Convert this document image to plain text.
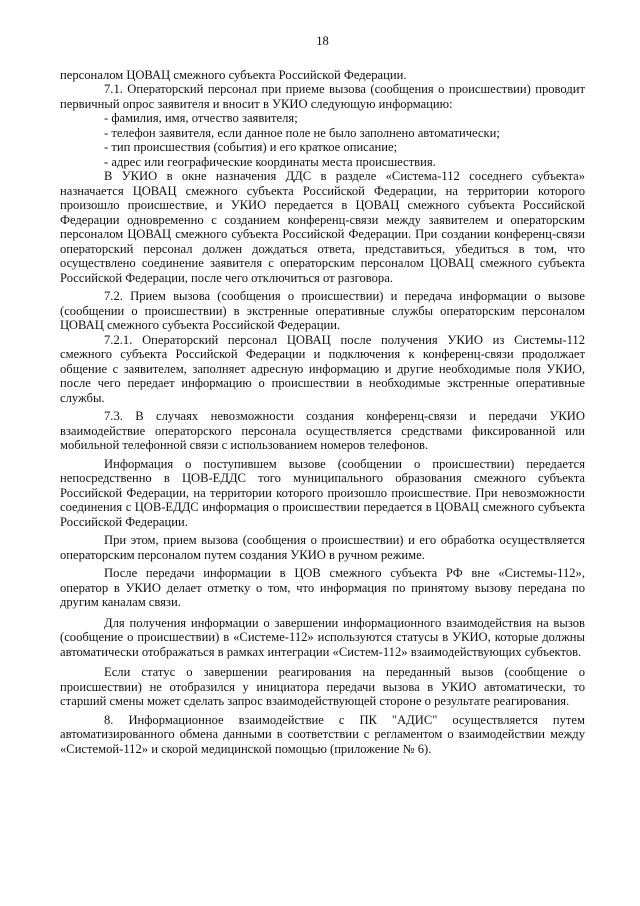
18

персоналом ЦОВАЦ смежного субъекта Российской Федерации.

7.1. Операторский персонал при приеме вызова (сообщения о происшествии) проводит первичный опрос заявителя и вносит в УКИО следующую информацию:

- фамилия, имя, отчество заявителя;
- телефон заявителя, если данное поле не было заполнено автоматически;
- тип происшествия (события) и его краткое описание;
- адрес или географические координаты места происшествия.

В УКИО в окне назначения ДДС в разделе «Система-112 соседнего субъекта» назначается ЦОВАЦ смежного субъекта Российской Федерации, на территории которого произошло происшествие, и УКИО передается в ЦОВАЦ смежного субъекта Российской Федерации одновременно с созданием конференц-связи между заявителем и операторским персоналом ЦОВАЦ смежного субъекта Российской Федерации. При создании конференц-связи операторский персонал должен дождаться ответа, представиться, убедиться в том, что осуществлено соединение заявителя с операторским персоналом ЦОВАЦ смежного субъекта Российской Федерации, после чего отключиться от разговора.

7.2. Прием вызова (сообщения о происшествии) и передача информации о вызове (сообщении о происшествии) в экстренные оперативные службы операторским персоналом ЦОВАЦ смежного субъекта Российской Федерации.

7.2.1. Операторский персонал ЦОВАЦ после получения УКИО из Системы-112 смежного субъекта Российской Федерации и подключения к конференц-связи продолжает общение с заявителем, заполняет адресную информацию и другие необходимые поля УКИО, после чего передает информацию о происшествии в необходимые экстренные оперативные службы.

7.3. В случаях невозможности создания конференц-связи и передачи УКИО взаимодействие операторского персонала осуществляется средствами фиксированной или мобильной телефонной связи с использованием номеров телефонов.

Информация о поступившем вызове (сообщении о происшествии) передается непосредственно в ЦОВ-ЕДДС того муниципального образования смежного субъекта Российской Федерации, на территории которого произошло происшествие. При невозможности соединения с ЦОВ-ЕДДС информация о происшествии передается в ЦОВАЦ смежного субъекта Российской Федерации.

При этом, прием вызова (сообщения о происшествии) и его обработка осуществляется операторским персоналом путем создания УКИО в ручном режиме.

После передачи информации в ЦОВ смежного субъекта РФ вне «Системы-112», оператор в УКИО делает отметку о том, что информация по принятому вызову передана по другим каналам связи.

Для получения информации о завершении информационного взаимодействия на вызов (сообщение о происшествии) в «Системе-112» используются статусы в УКИО, которые должны автоматически отображаться в рамках интеграции «Систем-112» взаимодействующих субъектов.

Если статус о завершении реагирования на переданный вызов (сообщение о происшествии) не отобразился у инициатора передачи вызова в УКИО автоматически, то старший смены может сделать запрос взаимодействующей стороне о результате реагирования.

8. Информационное взаимодействие с ПК "АДИС" осуществляется путем автоматизированного обмена данными в соответствии с регламентом о взаимодействии между «Системой-112» и скорой медицинской помощью (приложение № 6).
